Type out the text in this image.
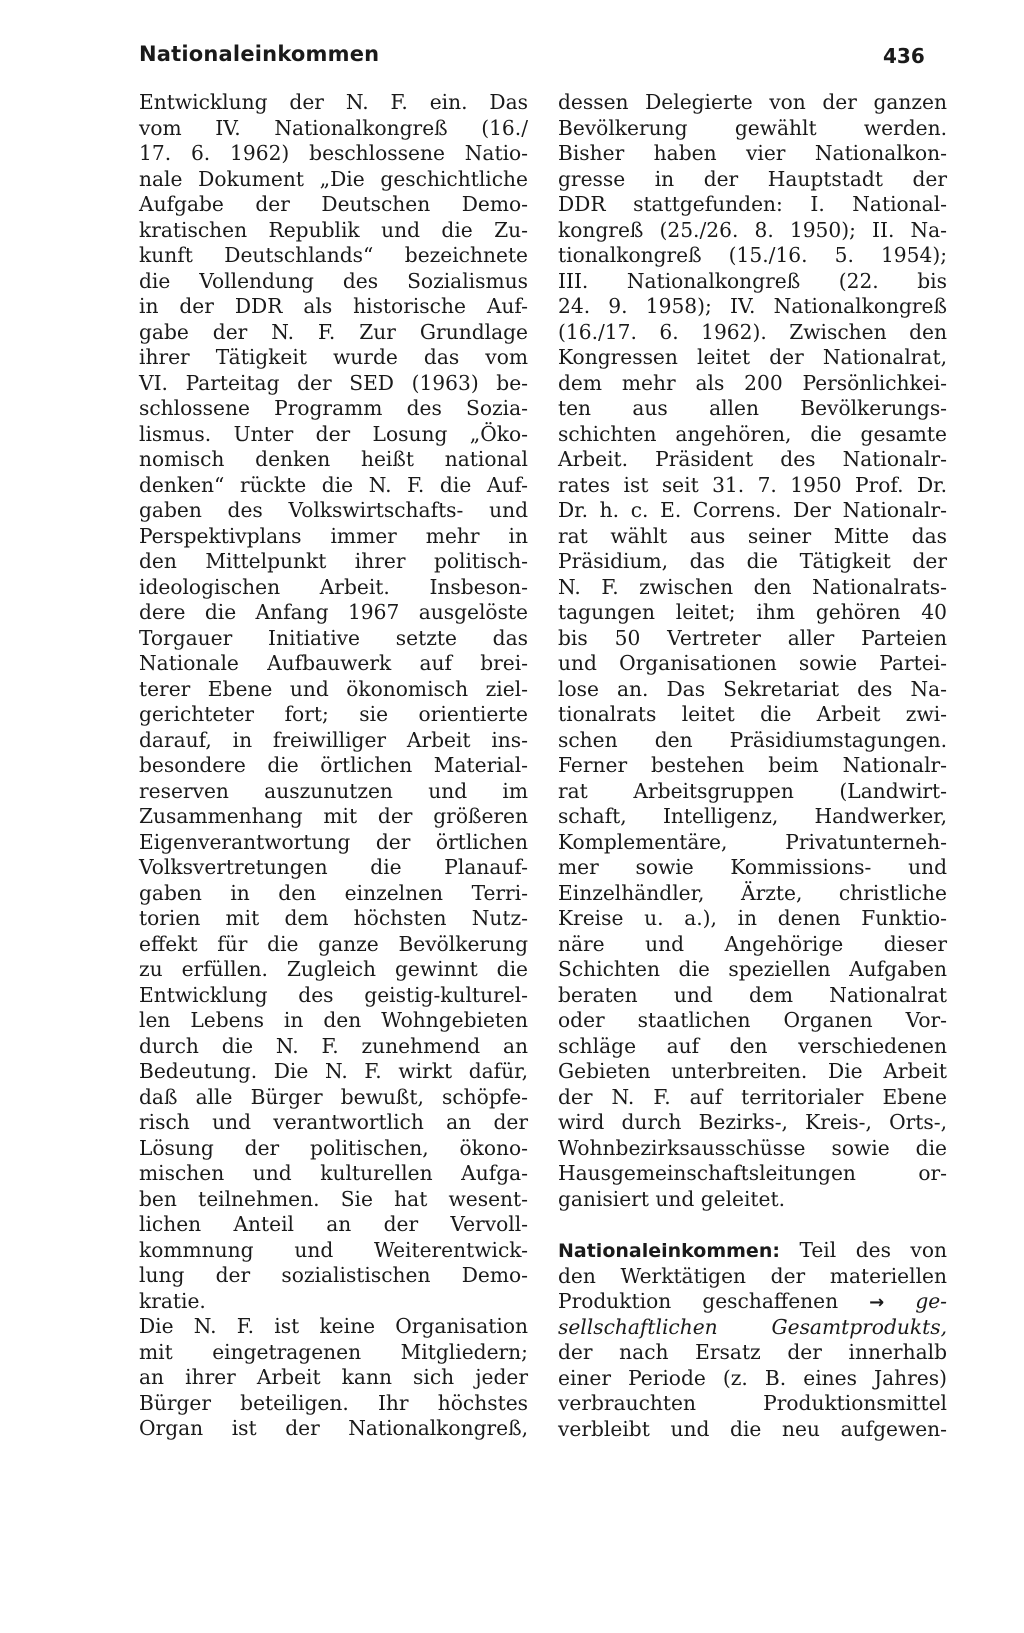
Nationaleinkommen	436
Entwicklung der N. F. ein. Das
vom IV. Nationalkongreß (16./
17. 6. 1962) beschlossene Natio-
nale Dokument „Die geschichtliche
Aufgabe der Deutschen Demo-
kratischen Republik und die Zu-
kunft Deutschlands“ bezeichnete
die Vollendung des Sozialismus
in der DDR als historische Auf-
gabe der N. F. Zur Grundlage
ihrer Tätigkeit wurde das vom
VI. Parteitag der SED (1963) be-
schlossene Programm des Sozia-
lismus. Unter der Losung „Öko-
nomisch denken heißt national
denken“ rückte die N. F. die Auf-
gaben des Volkswirtschafts- und
Perspektivplans immer mehr in
den Mittelpunkt ihrer politisch-
ideologischen Arbeit. Insbeson-
dere die Anfang 1967 ausgelöste
Torgauer Initiative setzte das
Nationale Aufbauwerk auf brei-
terer Ebene und ökonomisch ziel-
gerichteter fort; sie orientierte
darauf, in freiwilliger Arbeit ins-
besondere die örtlichen Material-
reserven auszunutzen und im
Zusammenhang mit der größeren
Eigenverantwortung der örtlichen
Volksvertretungen die Planauf-
gaben in den einzelnen Terri-
torien mit dem höchsten Nutz-
effekt für die ganze Bevölkerung
zu erfüllen. Zugleich gewinnt die
Entwicklung des geistig-kulturel-
len Lebens in den Wohngebieten
durch die N. F. zunehmend an
Bedeutung. Die N. F. wirkt dafür,
daß alle Bürger bewußt, schöpfe-
risch und verantwortlich an der
Lösung der politischen, ökono-
mischen und kulturellen Aufga-
ben teilnehmen. Sie hat wesent-
lichen Anteil an der Vervoll-
kommnung und Weiterentwick-
lung der sozialistischen Demo-
kratie.
Die N. F. ist keine Organisation
mit eingetragenen Mitgliedern;
an ihrer Arbeit kann sich jeder
Bürger beteiligen. Ihr höchstes
Organ ist der Nationalkongreß,
dessen Delegierte von der ganzen
Bevölkerung gewählt werden.
Bisher haben vier Nationalkon-
gresse in der Hauptstadt der
DDR stattgefunden: I. National-
kongreß (25./26. 8. 1950); II. Na-
tionalkongreß (15./16. 5. 1954);
III. Nationalkongreß (22. bis
24. 9. 1958); IV. Nationalkongreß
(16./17. 6. 1962). Zwischen den
Kongressen leitet der Nationalrat,
dem mehr als 200 Persönlichkei-
ten aus allen Bevölkerungs-
schichten angehören, die gesamte
Arbeit. Präsident des Nationalr-
rates ist seit 31. 7. 1950 Prof. Dr.
Dr. h. c. E. Correns. Der Nationalr-
rat wählt aus seiner Mitte das
Präsidium, das die Tätigkeit der
N. F. zwischen den Nationalrats-
tagungen leitet; ihm gehören 40
bis 50 Vertreter aller Parteien
und Organisationen sowie Partei-
lose an. Das Sekretariat des Na-
tionalrats leitet die Arbeit zwi-
schen den Präsidiumstagungen.
Ferner bestehen beim Nationalr-
rat Arbeitsgruppen (Landwirt-
schaft, Intelligenz, Handwerker,
Komplementäre, Privatunterneh-
mer sowie Kommissions- und
Einzelhändler, Ärzte, christliche
Kreise u. a.), in denen Funktio-
näre und Angehörige dieser
Schichten die speziellen Aufgaben
beraten und dem Nationalrat
oder staatlichen Organen Vor-
schläge auf den verschiedenen
Gebieten unterbreiten. Die Arbeit
der N. F. auf territorialer Ebene
wird durch Bezirks-, Kreis-, Orts-,
Wohnbezirksausschüsse sowie die
Hausgemeinschaftsleitungen or-
ganisiert und geleitet.
Nationaleinkommen: Teil des von
den Werktätigen der materiellen
Produktion geschaffenen → ge-
sellschaftlichen Gesamtprodukts,
der nach Ersatz der innerhalb
einer Periode (z. B. eines Jahres)
verbrauchten Produktionsmittel
verbleibt und die neu aufgewen-
